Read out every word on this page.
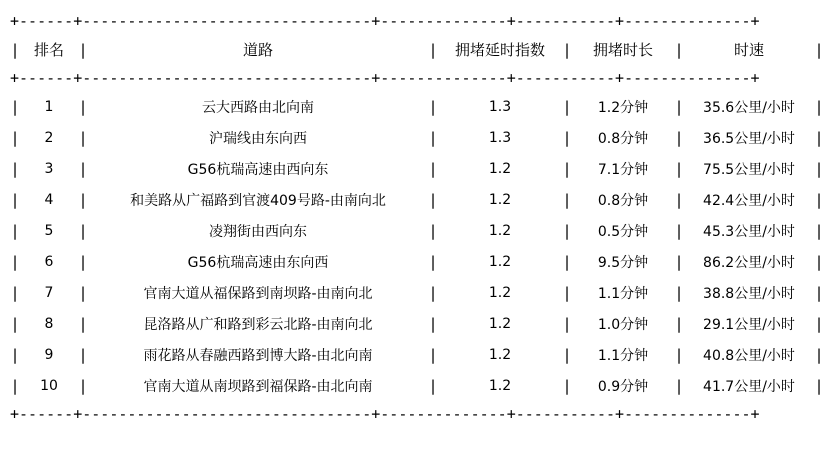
+------+--------------------------------+--------------+-----------+--------------+
| 排名 |	道路	|	拥堵延时指数	|	拥堵时长	|	时速	|
+------+--------------------------------+--------------+-----------+--------------+
|	1	|	云大西路由北向南	|	1.3	|	1.2分钟	|	35.6公里/小时	|
|	2	|	沪瑞线由东向西	|	1.3	|	0.8分钟	|	36.5公里/小时	|
|	3	|	G56杭瑞高速由西向东	|	1.2	|	7.1分钟	|	75.5公里/小时	|
|	4	|	和美路从广福路到官渡409号路-由南向北	|	1.2	|	0.8分钟	|	42.4公里/小时	|
|	5	|	凌翔街由西向东	|	1.2	|	0.5分钟	|	45.3公里/小时	|
|	6	|	G56杭瑞高速由东向西	|	1.2	|	9.5分钟	|	86.2公里/小时	|
|	7	|	官南大道从福保路到南坝路-由南向北	|	1.2	|	1.1分钟	|	38.8公里/小时	|
|	8	|	昆洛路从广和路到彩云北路-由南向北	|	1.2	|	1.0分钟	|	29.1公里/小时	|
|	9	|	雨花路从春融西路到博大路-由北向南	|	1.2	|	1.1分钟	|	40.8公里/小时	|
|	10	|	官南大道从南坝路到福保路-由北向南	|	1.2	|	0.9分钟	|	41.7公里/小时	|
+------+--------------------------------+--------------+-----------+--------------+
